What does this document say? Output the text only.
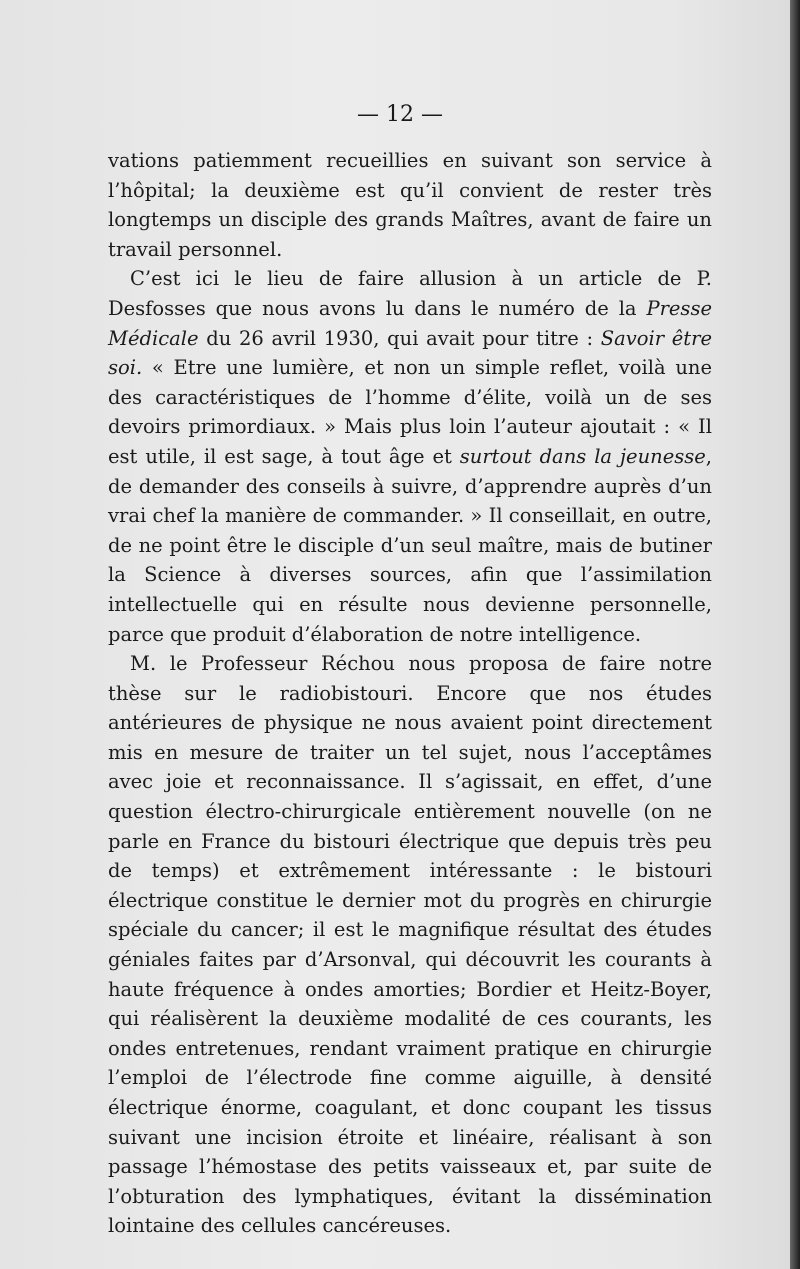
— 12 —

vations patiemment recueillies en suivant son service à l’hôpital; la deuxième est qu’il convient de rester très longtemps un disciple des grands Maîtres, avant de faire un travail personnel.

C’est ici le lieu de faire allusion à un article de P. Desfosses que nous avons lu dans le numéro de la Presse Médicale du 26 avril 1930, qui avait pour titre : Savoir être soi. « Etre une lumière, et non un simple reflet, voilà une des caractéristiques de l’homme d’élite, voilà un de ses devoirs primordiaux. » Mais plus loin l’auteur ajoutait : « Il est utile, il est sage, à tout âge et surtout dans la jeunesse, de demander des conseils à suivre, d’apprendre auprès d’un vrai chef la manière de commander. » Il conseillait, en outre, de ne point être le disciple d’un seul maître, mais de butiner la Science à diverses sources, afin que l’assimilation intellectuelle qui en résulte nous devienne personnelle, parce que produit d’élaboration de notre intelligence.

M. le Professeur Réchou nous proposa de faire notre thèse sur le radiobistouri. Encore que nos études antérieures de physique ne nous avaient point directement mis en mesure de traiter un tel sujet, nous l’acceptâmes avec joie et reconnaissance. Il s’agissait, en effet, d’une question électro-chirurgicale entièrement nouvelle (on ne parle en France du bistouri électrique que depuis très peu de temps) et extrêmement intéressante : le bistouri électrique constitue le dernier mot du progrès en chirurgie spéciale du cancer; il est le magnifique résultat des études géniales faites par d’Arsonval, qui découvrit les courants à haute fréquence à ondes amorties; Bordier et Heitz-Boyer, qui réalisèrent la deuxième modalité de ces courants, les ondes entretenues, rendant vraiment pratique en chirurgie l’emploi de l’électrode fine comme aiguille, à densité électrique énorme, coagulant, et donc coupant les tissus suivant une incision étroite et linéaire, réalisant à son passage l’hémostase des petits vaisseaux et, par suite de l’obturation des lymphatiques, évitant la dissémination lointaine des cellules cancéreuses.
